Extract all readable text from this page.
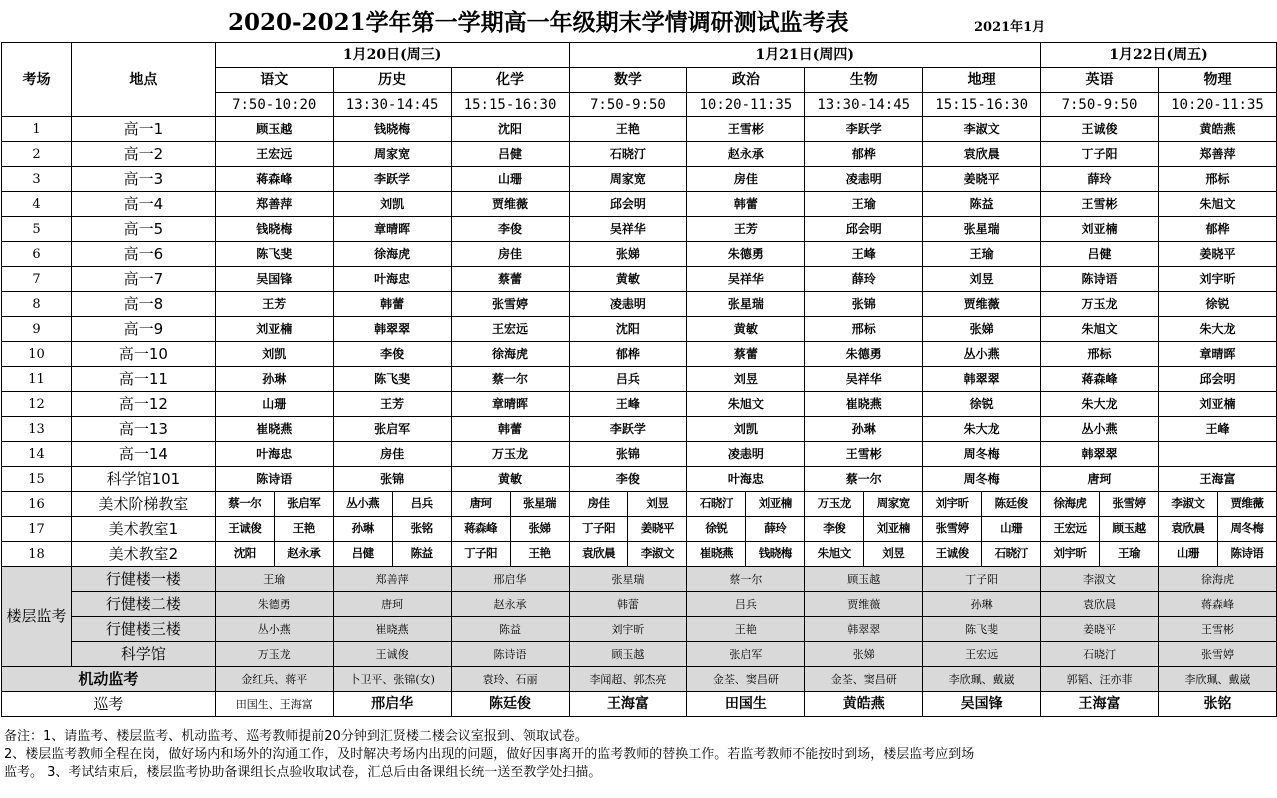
2020-2021学年第一学期高一年级期末学情调研测试监考表	2021年1月
考场	地点	1月20日(周三)						1月21日(周四)								1月22日(周五)			
		语文		历史		化学		数学		政治		生物		地理		英语		物理	
		7:50-10:20		13:30-14:45		15:15-16:30		7:50-9:50		10:20-11:35		13:30-14:45		15:15-16:30		7:50-9:50		10:20-11:35	
1	高一1	顾玉越		钱晓梅		沈阳		王艳		王雪彬		李跃学		李淑文		王诚俊		黄皓燕	
2	高一2	王宏远		周家宽		吕健		石晓汀		赵永承		郁桦		袁欣晨		丁子阳		郑善萍	
3	高一3	蒋森峰		李跃学		山珊		周家宽		房佳		凌恚明		姜晓平		薛玲		邢标	
4	高一4	郑善萍		刘凯		贾维薇		邱会明		韩蕾		王瑜		陈益		王雪彬		朱旭文	
5	高一5	钱晓梅		章晴晖		李俊		吴祥华		王芳		邱会明		张星瑞		刘亚楠		郁桦	
6	高一6	陈飞斐		徐海虎		房佳		张娣		朱德勇		王峰		王瑜		吕健		姜晓平	
7	高一7	吴国锋		叶海忠		蔡蕾		黄敏		吴祥华		薛玲		刘昱		陈诗语		刘宇昕	
8	高一8	王芳		韩蕾		张雪婷		凌恚明		张星瑞		张锦		贾维薇		万玉龙		徐锐	
9	高一9	刘亚楠		韩翠翠		王宏远		沈阳		黄敏		邢标		张娣		朱旭文		朱大龙	
10	高一10	刘凯		李俊		徐海虎		郁桦		蔡蕾		朱德勇		丛小燕		邢标		章晴晖	
11	高一11	孙琳		陈飞斐		蔡一尔		吕兵		刘昱		吴祥华		韩翠翠		蒋森峰		邱会明	
12	高一12	山珊		王芳		章晴晖		王峰		朱旭文		崔晓燕		徐锐		朱大龙		刘亚楠	
13	高一13	崔晓燕		张启军		韩蕾		李跃学		刘凯		孙琳		朱大龙		丛小燕		王峰	
14	高一14	叶海忠		房佳		万玉龙		张锦		凌恚明		王雪彬		周冬梅		韩翠翠			
15	科学馆101	陈诗语		张锦		黄敏		李俊		叶海忠		蔡一尔		周冬梅		唐珂		王海富	
16	美术阶梯教室	蔡一尔	张启军	丛小燕	吕兵	唐珂	张星瑞	房佳	刘昱	石晓汀	刘亚楠	万玉龙	周家宽	刘宇昕	陈廷俊	徐海虎	张雪婷	李淑文	贾维薇
17	美术教室1	王诚俊	王艳	孙琳	张铭	蒋森峰	张娣	丁子阳	姜晓平	徐锐	薛玲	李俊	刘亚楠	张雪婷	山珊	王宏远	顾玉越	袁欣晨	周冬梅
18	美术教室2	沈阳	赵永承	吕健	陈益	丁子阳	王艳	袁欣晨	李淑文	崔晓燕	钱晓梅	朱旭文	刘昱	王诚俊	石晓汀	刘宇昕	王瑜	山珊	陈诗语
楼层监考	行健楼一楼	王瑜		郑善萍		邢启华		张星瑞		蔡一尔		顾玉越		丁子阳		李淑文		徐海虎	
	行健楼二楼	朱德勇		唐珂		赵永承		韩蕾		吕兵		贾维薇		孙琳		袁欣晨		蒋森峰	
	行健楼三楼	丛小燕		崔晓燕		陈益		刘宇昕		王艳		韩翠翠		陈飞斐		姜晓平		王雪彬	
	科学馆	万玉龙		王诚俊		陈诗语		顾玉越		张启军		张娣		王宏远		石晓汀		张雪婷	
机动监考		金红兵、蒋平		卜卫平、张锦(女)		袁玲、石丽		李闻超、郭杰亮		金荃、窦昌研		金荃、窦昌研		李欣珮、戴崴		郭韬、汪亦菲		李欣珮、戴崴	
巡考		田国生、王海富		邢启华		陈廷俊		王海富		田国生		黄皓燕		吴国锋		王海富		张铭	
备注：1、请监考、楼层监考、机动监考、巡考教师提前20分钟到汇贤楼二楼会议室报到、领取试卷。
2、楼层监考教师全程在岗，做好场内和场外的沟通工作，及时解决考场内出现的问题，做好因事离开的监考教师的替换工作。若监考教师不能按时到场，楼层监考应到场
监考。 3、考试结束后，楼层监考协助备课组长点验收取试卷，汇总后由备课组长统一送至教学处扫描。
